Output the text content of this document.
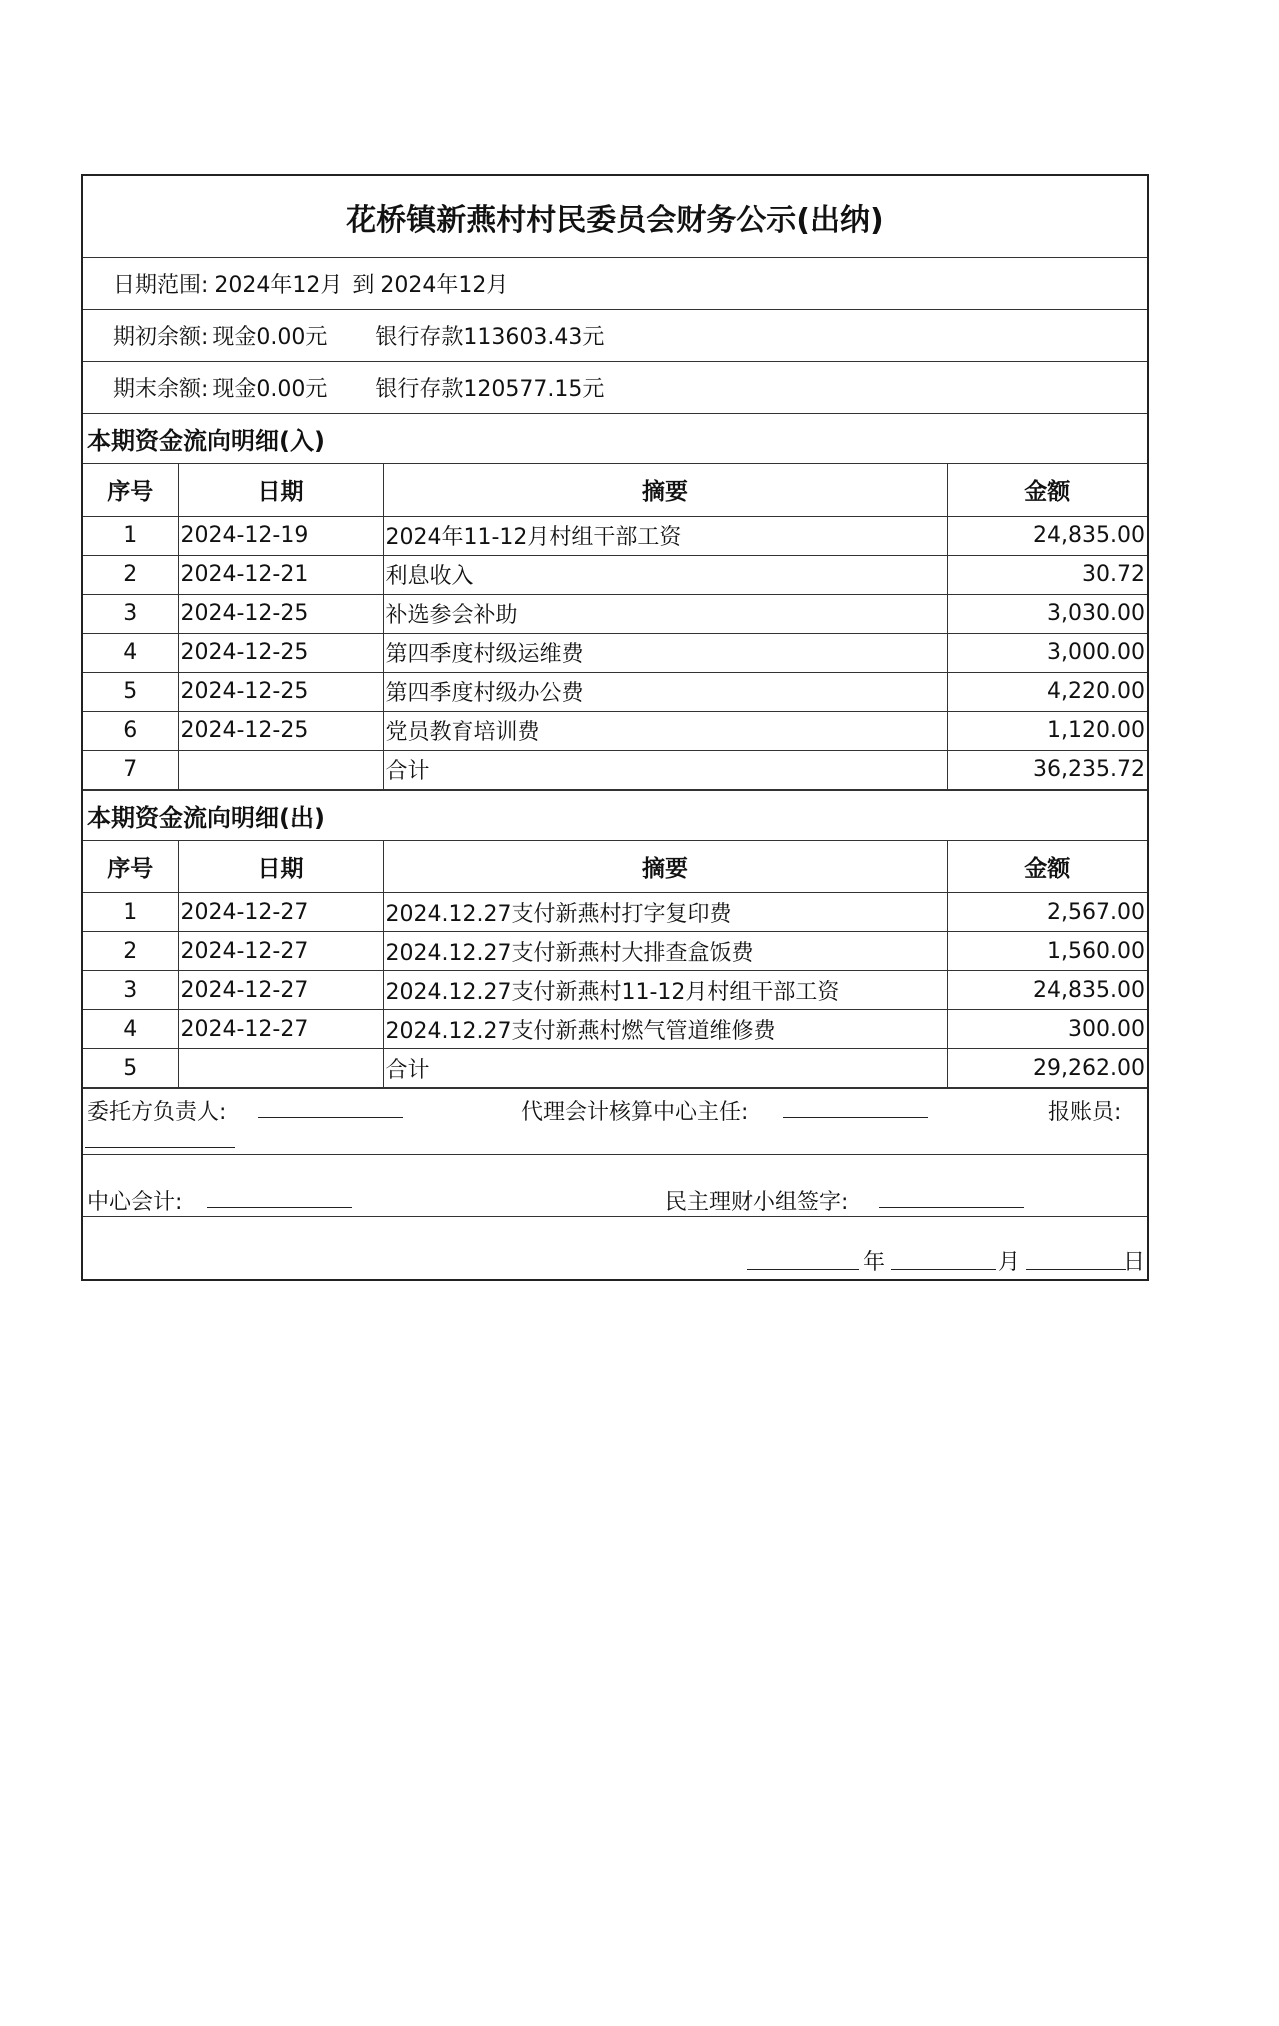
花桥镇新燕村村民委员会财务公示(出纳)
日期范围: 2024年12月 到 2024年12月
期初余额: 现金0.00元 银行存款113603.43元
期末余额: 现金0.00元 银行存款120577.15元
本期资金流向明细(入)
序号	日期	摘要	金额
1	2024-12-19	2024年11-12月村组干部工资	24,835.00
2	2024-12-21	利息收入	30.72
3	2024-12-25	补选参会补助	3,030.00
4	2024-12-25	第四季度村级运维费	3,000.00
5	2024-12-25	第四季度村级办公费	4,220.00
6	2024-12-25	党员教育培训费	1,120.00
7		合计	36,235.72
本期资金流向明细(出)
序号	日期	摘要	金额
1	2024-12-27	2024.12.27支付新燕村打字复印费	2,567.00
2	2024-12-27	2024.12.27支付新燕村大排查盒饭费	1,560.00
3	2024-12-27	2024.12.27支付新燕村11-12月村组干部工资	24,835.00
4	2024-12-27	2024.12.27支付新燕村燃气管道维修费	300.00
5		合计	29,262.00
委托方负责人:	代理会计核算中心主任:	报账员:
中心会计:	民主理财小组签字:
年	月	日
